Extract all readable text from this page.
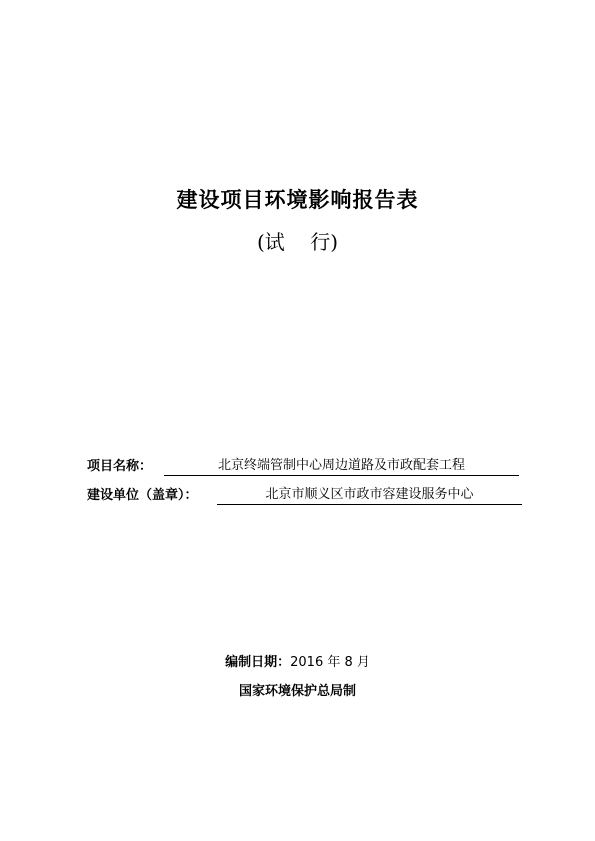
建设项目环境影响报告表
(试    行)
项目名称：	北京终端管制中心周边道路及市政配套工程
建设单位（盖章）：	北京市顺义区市政市容建设服务中心
编制日期：2016 年 8 月
国家环境保护总局制
